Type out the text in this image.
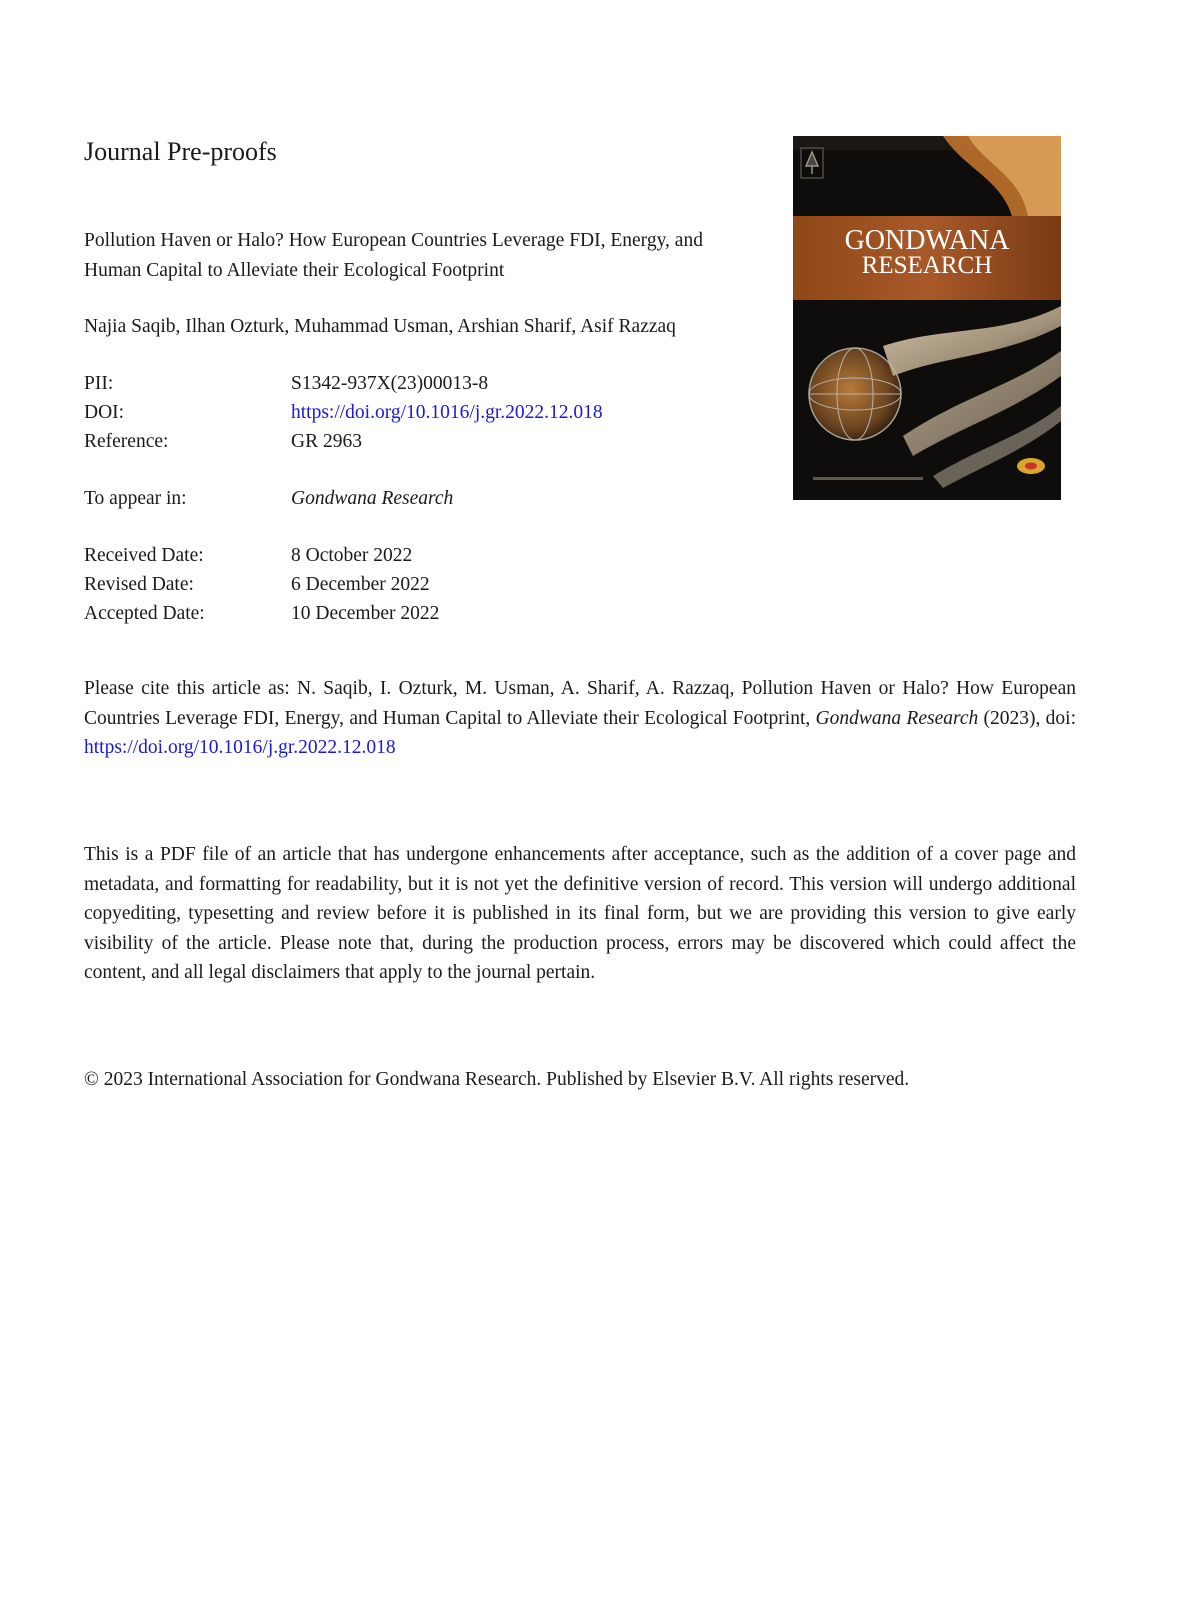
Journal Pre-proofs
Pollution Haven or Halo? How European Countries Leverage FDI, Energy, and Human Capital to Alleviate their Ecological Footprint
Najia Saqib, Ilhan Ozturk, Muhammad Usman, Arshian Sharif, Asif Razzaq
PII:	S1342-937X(23)00013-8
DOI:	https://doi.org/10.1016/j.gr.2022.12.018
Reference:	GR 2963
To appear in:	Gondwana Research
Received Date:	8 October 2022
Revised Date:	6 December 2022
Accepted Date:	10 December 2022
Please cite this article as: N. Saqib, I. Ozturk, M. Usman, A. Sharif, A. Razzaq, Pollution Haven or Halo? How European Countries Leverage FDI, Energy, and Human Capital to Alleviate their Ecological Footprint, Gondwana Research (2023), doi: https://doi.org/10.1016/j.gr.2022.12.018
This is a PDF file of an article that has undergone enhancements after acceptance, such as the addition of a cover page and metadata, and formatting for readability, but it is not yet the definitive version of record. This version will undergo additional copyediting, typesetting and review before it is published in its final form, but we are providing this version to give early visibility of the article. Please note that, during the production process, errors may be discovered which could affect the content, and all legal disclaimers that apply to the journal pertain.
© 2023 International Association for Gondwana Research. Published by Elsevier B.V. All rights reserved.
GONDWANA
RESEARCH
